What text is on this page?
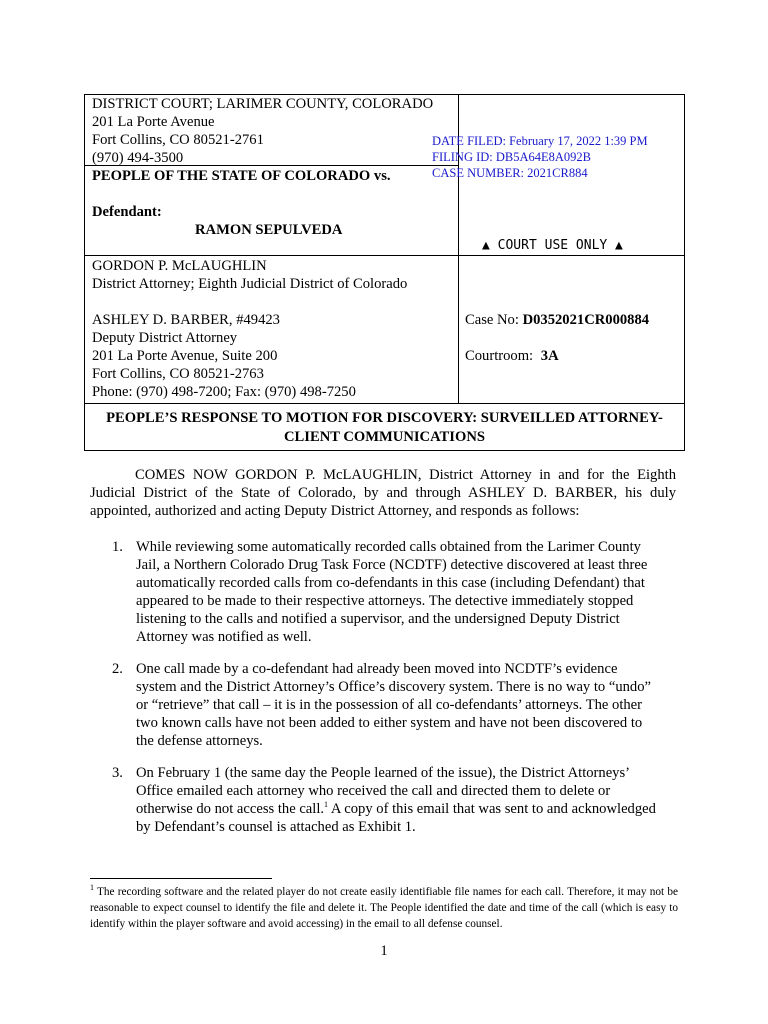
DISTRICT COURT; LARIMER COUNTY, COLORADO
201 La Porte Avenue
Fort Collins, CO 80521-2761
(970) 494-3500
PEOPLE OF THE STATE OF COLORADO vs.
Defendant:
RAMON SEPULVEDA
GORDON P. McLAUGHLIN
District Attorney; Eighth Judicial District of Colorado
ASHLEY D. BARBER, #49423
Deputy District Attorney
201 La Porte Avenue, Suite 200
Fort Collins, CO 80521-2763
Phone: (970) 498-7200; Fax: (970) 498-7250
Case No: D0352021CR000884
Courtroom: 3A
PEOPLE’S RESPONSE TO MOTION FOR DISCOVERY: SURVEILLED ATTORNEY-
CLIENT COMMUNICATIONS
DATE FILED: February 17, 2022 1:39 PM
FILING ID: DB5A64E8A092B
CASE NUMBER: 2021CR884
▲ COURT USE ONLY ▲
COMES NOW GORDON P. McLAUGHLIN, District Attorney in and for the Eighth Judicial District of the State of Colorado, by and through ASHLEY D. BARBER, his duly appointed, authorized and acting Deputy District Attorney, and responds as follows:
1. While reviewing some automatically recorded calls obtained from the Larimer County
Jail, a Northern Colorado Drug Task Force (NCDTF) detective discovered at least three
automatically recorded calls from co-defendants in this case (including Defendant) that
appeared to be made to their respective attorneys. The detective immediately stopped
listening to the calls and notified a supervisor, and the undersigned Deputy District
Attorney was notified as well.
2. One call made by a co-defendant had already been moved into NCDTF’s evidence
system and the District Attorney’s Office’s discovery system. There is no way to “undo”
or “retrieve” that call – it is in the possession of all co-defendants’ attorneys. The other
two known calls have not been added to either system and have not been discovered to
the defense attorneys.
3. On February 1 (the same day the People learned of the issue), the District Attorneys’
Office emailed each attorney who received the call and directed them to delete or
otherwise do not access the call.$^1$ A copy of this email that was sent to and acknowledged
by Defendant’s counsel is attached as Exhibit 1.
$^1$ The recording software and the related player do not create easily identifiable file names for each call. Therefore, it may not be reasonable to expect counsel to identify the file and delete it. The People identified the date and time of the call (which is easy to identify within the player software and avoid accessing) in the email to all defense counsel.
1
